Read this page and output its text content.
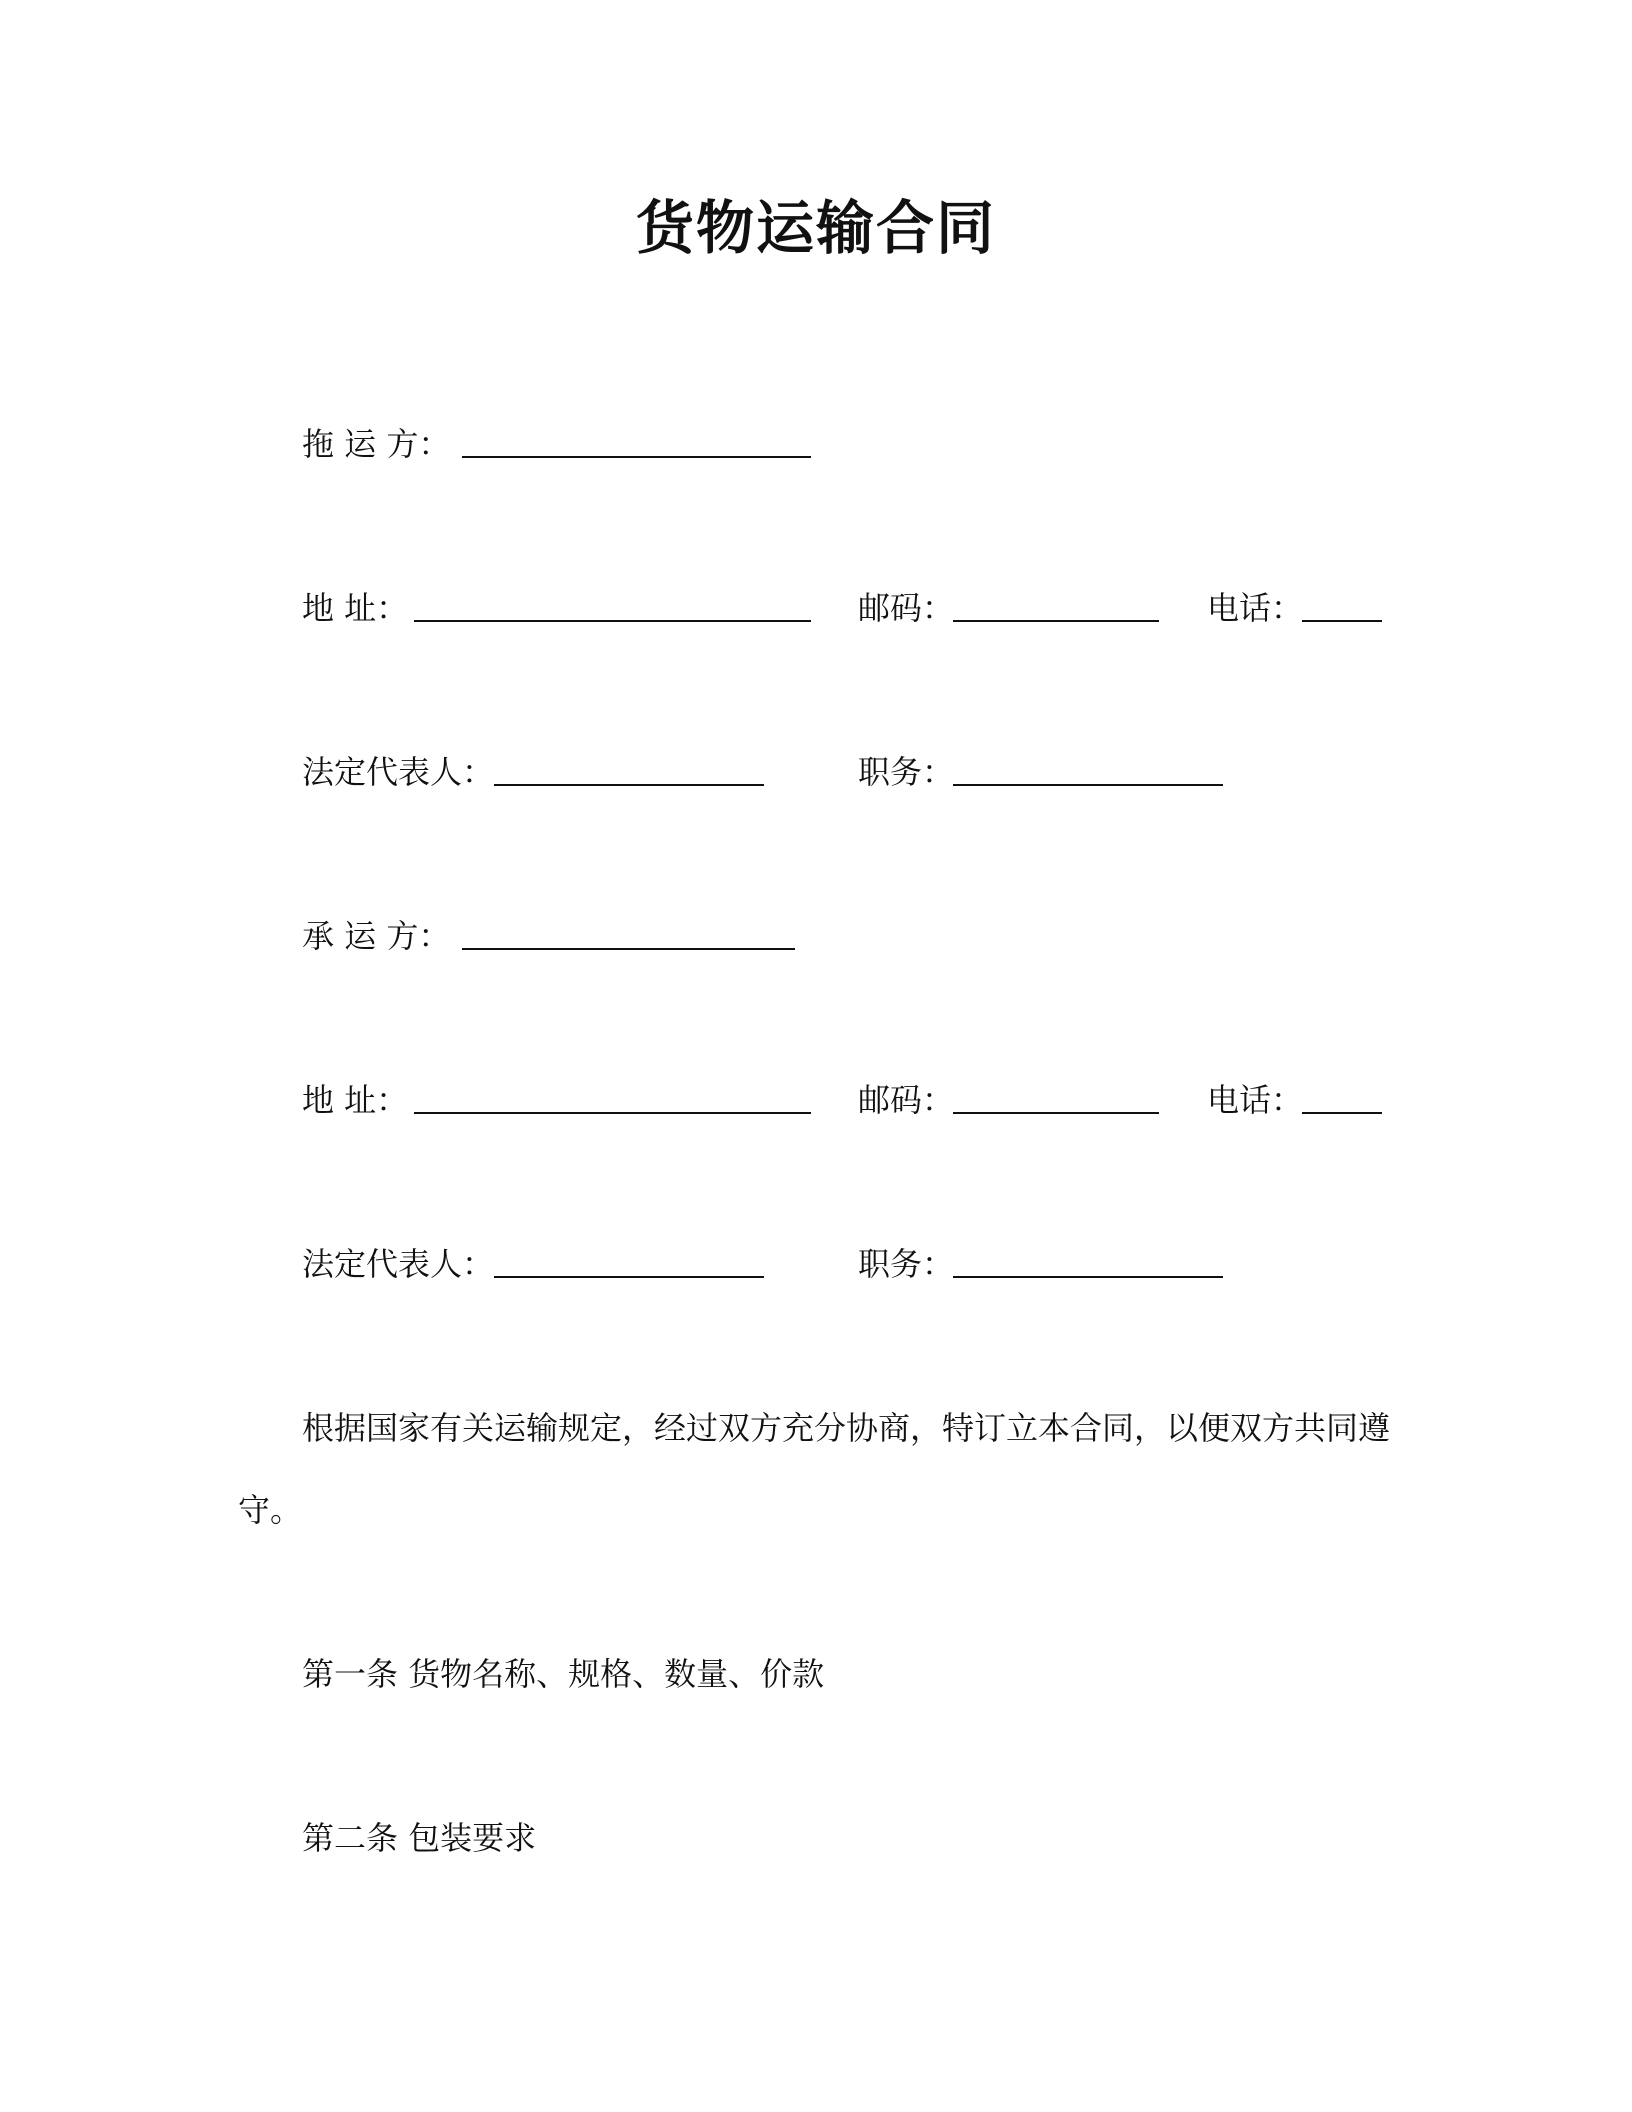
货物运输合同
拖 运 方：
地 址：	邮码：	电话：
法定代表人：	职务：
承 运 方：
地 址：	邮码：	电话：
法定代表人：	职务：
根据国家有关运输规定，经过双方充分协商，特订立本合同，以便双方共同遵
守。
第一条 货物名称、规格、数量、价款
第二条 包装要求
